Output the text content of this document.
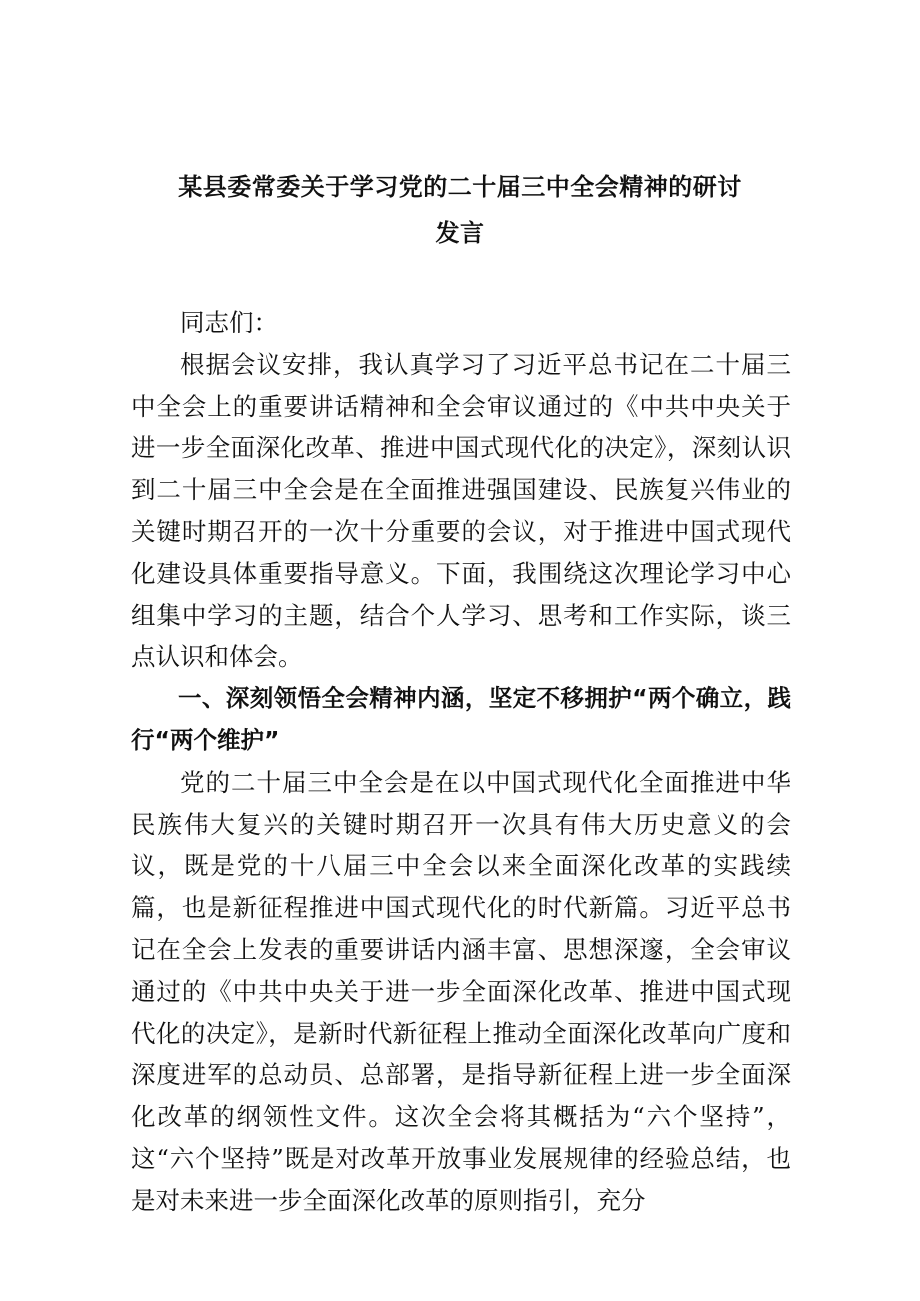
某县委常委关于学习党的二十届三中全会精神的研讨
发言

同志们：

根据会议安排，我认真学习了习近平总书记在二十届三中全会上的重要讲话精神和全会审议通过的《中共中央关于进一步全面深化改革、推进中国式现代化的决定》，深刻认识到二十届三中全会是在全面推进强国建设、民族复兴伟业的关键时期召开的一次十分重要的会议，对于推进中国式现代化建设具体重要指导意义。下面，我围绕这次理论学习中心组集中学习的主题，结合个人学习、思考和工作实际，谈三点认识和体会。

一、深刻领悟全会精神内涵，坚定不移拥护“两个确立，践行“两个维护”

党的二十届三中全会是在以中国式现代化全面推进中华民族伟大复兴的关键时期召开一次具有伟大历史意义的会议，既是党的十八届三中全会以来全面深化改革的实践续篇，也是新征程推进中国式现代化的时代新篇。习近平总书记在全会上发表的重要讲话内涵丰富、思想深邃，全会审议通过的《中共中央关于进一步全面深化改革、推进中国式现代化的决定》，是新时代新征程上推动全面深化改革向广度和深度进军的总动员、总部署，是指导新征程上进一步全面深化改革的纲领性文件。这次全会将其概括为“六个坚持”，这“六个坚持”既是对改革开放事业发展规律的经验总结，也是对未来进一步全面深化改革的原则指引，充分
